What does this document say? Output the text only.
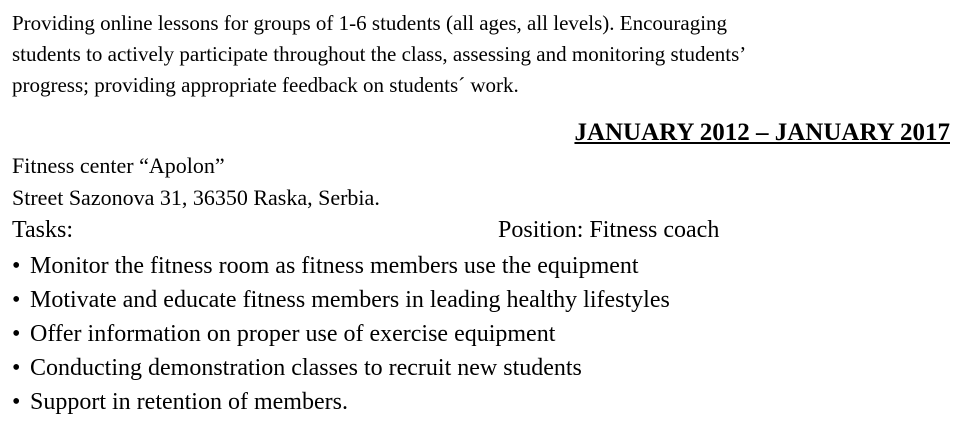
Providing online lessons for groups of 1-6 students (all ages, all levels). Encouraging
students to actively participate throughout the class, assessing and monitoring students’
progress; providing appropriate feedback on students´ work.
JANUARY 2012 – JANUARY 2017
Fitness center “Apolon”
Street Sazonova 31, 36350 Raska, Serbia.
Tasks:	Position: Fitness coach
• Monitor the fitness room as fitness members use the equipment
• Motivate and educate fitness members in leading healthy lifestyles
• Offer information on proper use of exercise equipment
• Conducting demonstration classes to recruit new students
• Support in retention of members.
